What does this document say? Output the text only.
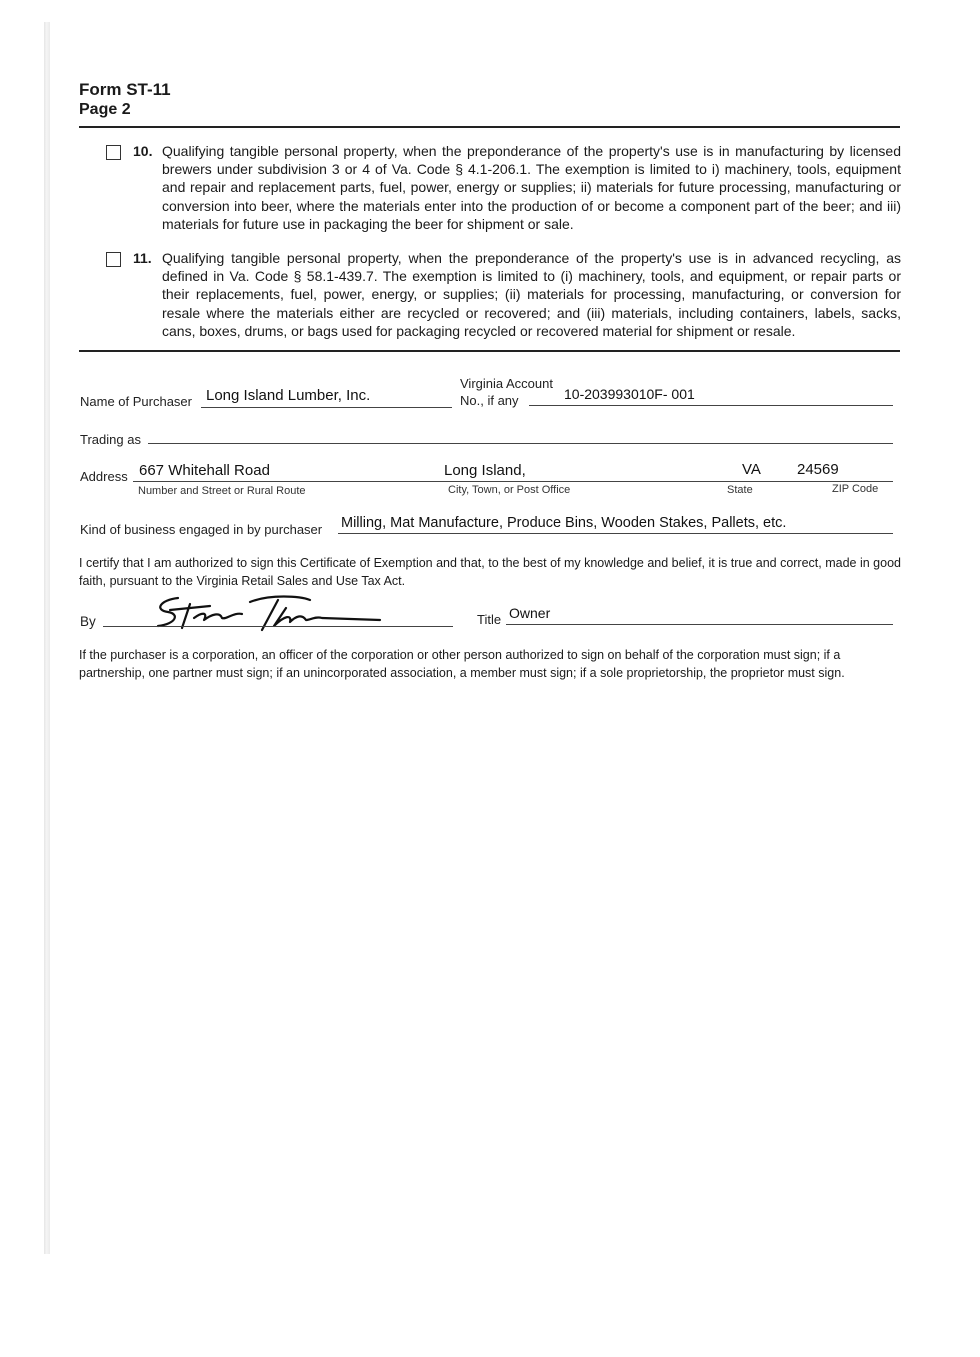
Form ST-11
Page 2
10. Qualifying tangible personal property, when the preponderance of the property's use is in manufacturing by licensed brewers under subdivision 3 or 4 of Va. Code § 4.1-206.1. The exemption is limited to i) machinery, tools, equipment and repair and replacement parts, fuel, power, energy or supplies; ii) materials for future processing, manufacturing or conversion into beer, where the materials enter into the production of or become a component part of the beer; and iii) materials for future use in packaging the beer for shipment or sale.
11. Qualifying tangible personal property, when the preponderance of the property's use is in advanced recycling, as defined in Va. Code § 58.1-439.7. The exemption is limited to (i) machinery, tools, and equipment, or repair parts or their replacements, fuel, power, energy, or supplies; (ii) materials for processing, manufacturing, or conversion for resale where the materials either are recycled or recovered; and (iii) materials, including containers, labels, sacks, cans, boxes, drums, or bags used for packaging recycled or recovered material for shipment or resale.
Name of Purchaser Long Island Lumber, Inc.
Virginia Account
No., if any	10-203993010F- 001
Trading as
Address 667 Whitehall Road	Long Island,	VA 24569
Number and Street or Rural Route	City, Town, or Post Office	State	ZIP Code
Kind of business engaged in by purchaser Milling, Mat Manufacture, Produce Bins, Wooden Stakes, Pallets, etc.
I certify that I am authorized to sign this Certificate of Exemption and that, to the best of my knowledge and belief, it is true and correct, made in good faith, pursuant to the Virginia Retail Sales and Use Tax Act.
By	Title Owner
If the purchaser is a corporation, an officer of the corporation or other person authorized to sign on behalf of the corporation must sign; if a partnership, one partner must sign; if an unincorporated association, a member must sign; if a sole proprietorship, the proprietor must sign.
